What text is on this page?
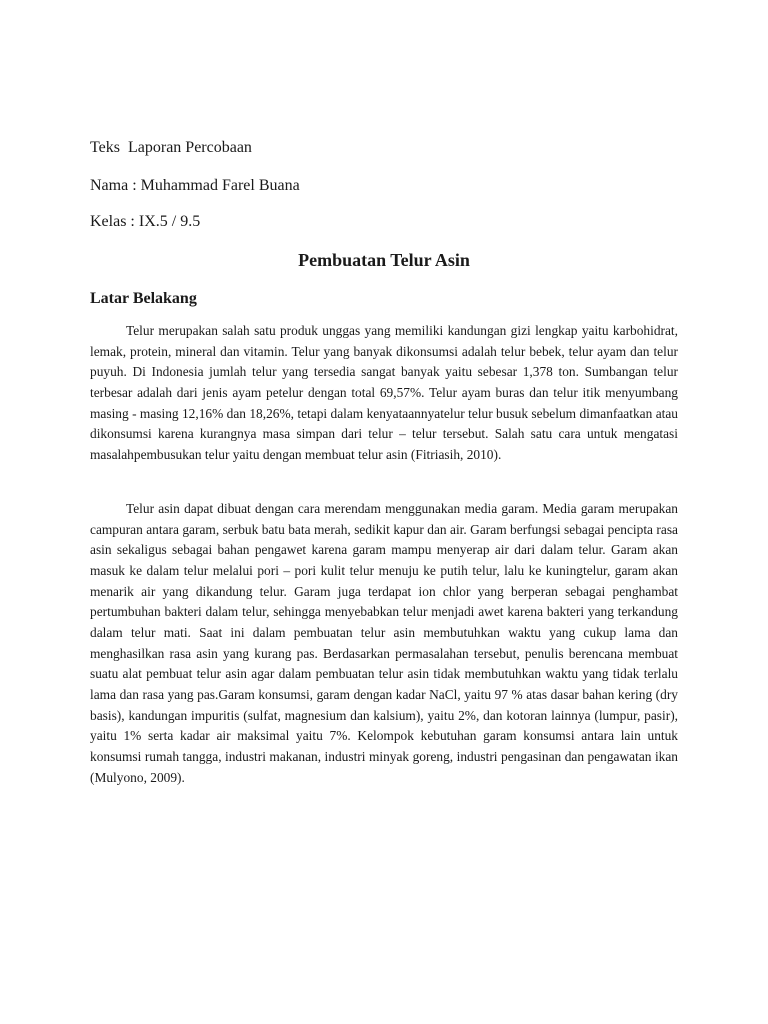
Teks  Laporan Percobaan
Nama : Muhammad Farel Buana
Kelas : IX.5 / 9.5
Pembuatan Telur Asin
Latar Belakang

Telur merupakan salah satu produk unggas yang memiliki kandungan gizi lengkap yaitu karbohidrat, lemak, protein, mineral dan vitamin. Telur yang banyak dikonsumsi adalah telur bebek, telur ayam dan telur puyuh. Di Indonesia jumlah telur yang tersedia sangat banyak yaitu sebesar 1,378 ton. Sumbangan telur terbesar adalah dari jenis ayam petelur dengan total 69,57%. Telur ayam buras dan telur itik menyumbang masing - masing 12,16% dan 18,26%, tetapi dalam kenyataannyatelur telur busuk sebelum dimanfaatkan atau dikonsumsi karena kurangnya masa simpan dari telur – telur tersebut. Salah satu cara untuk mengatasi masalahpembusukan telur yaitu dengan membuat telur asin (Fitriasih, 2010).

Telur asin dapat dibuat dengan cara merendam menggunakan media garam. Media garam merupakan campuran antara garam, serbuk batu bata merah, sedikit kapur dan air. Garam berfungsi sebagai pencipta rasa asin sekaligus sebagai bahan pengawet karena garam mampu menyerap air dari dalam telur. Garam akan masuk ke dalam telur melalui pori – pori kulit telur menuju ke putih telur, lalu ke kuningtelur, garam akan menarik air yang dikandung telur. Garam juga terdapat ion chlor yang berperan sebagai penghambat pertumbuhan bakteri dalam telur, sehingga menyebabkan telur menjadi awet karena bakteri yang terkandung dalam telur mati. Saat ini dalam pembuatan telur asin membutuhkan waktu yang cukup lama dan menghasilkan rasa asin yang kurang pas. Berdasarkan permasalahan tersebut, penulis berencana membuat suatu alat pembuat telur asin agar dalam pembuatan telur asin tidak membutuhkan waktu yang tidak terlalu lama dan rasa yang pas.Garam konsumsi, garam dengan kadar NaCl, yaitu 97 % atas dasar bahan kering (dry basis), kandungan impuritis (sulfat, magnesium dan kalsium), yaitu 2%, dan kotoran lainnya (lumpur, pasir), yaitu 1% serta kadar air maksimal yaitu 7%. Kelompok kebutuhan garam konsumsi antara lain untuk konsumsi rumah tangga, industri makanan, industri minyak goreng, industri pengasinan dan pengawatan ikan (Mulyono, 2009).
